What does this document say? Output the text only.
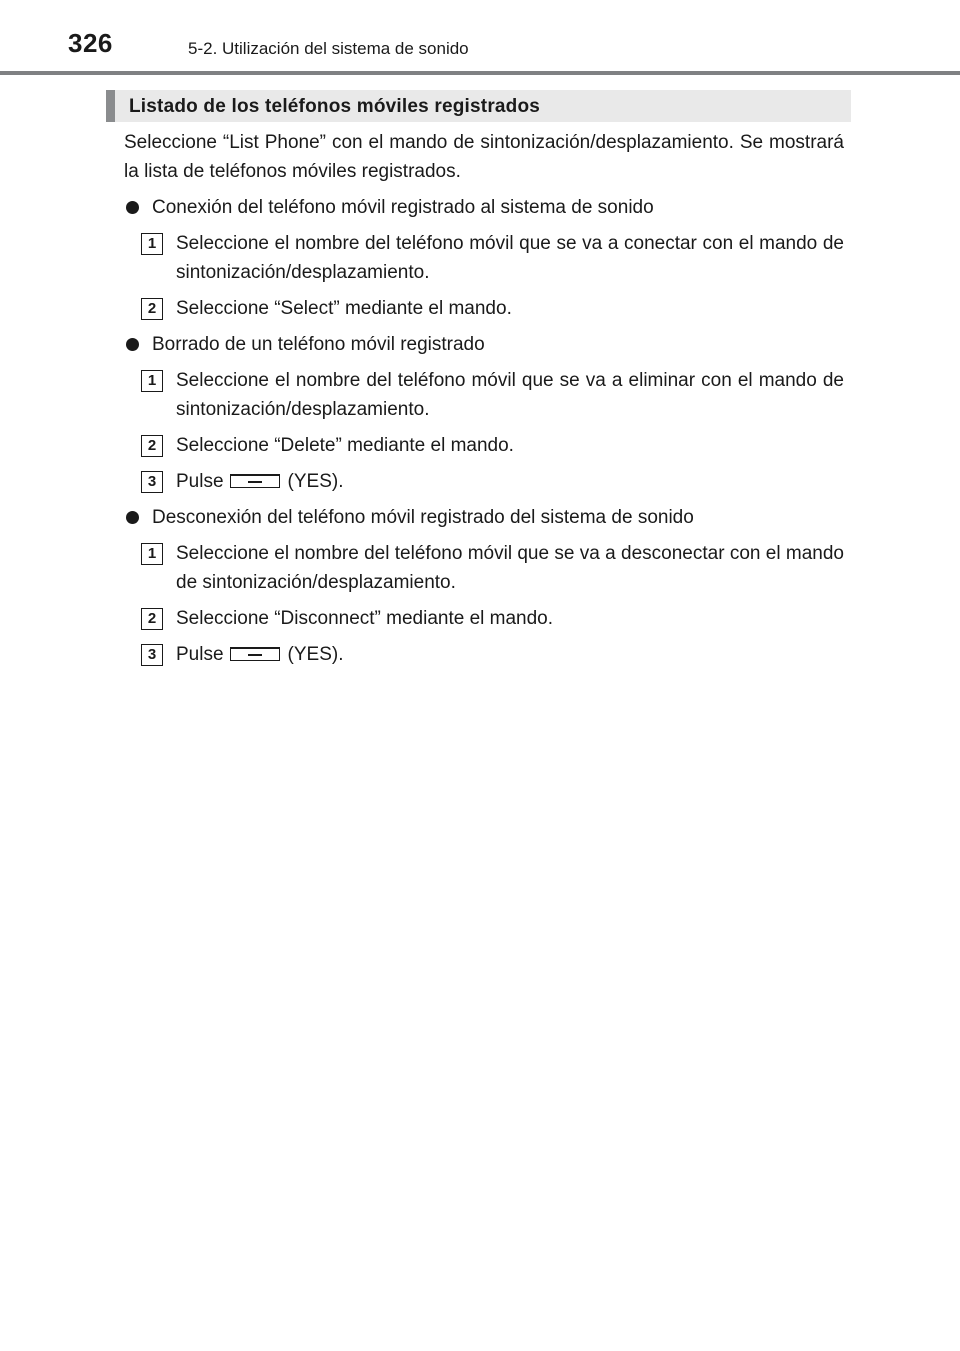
326	5-2. Utilización del sistema de sonido
Listado de los teléfonos móviles registrados

Seleccione “List Phone” con el mando de sintonización/desplazamiento. Se mostrará la lista de teléfonos móviles registrados.

Conexión del teléfono móvil registrado al sistema de sonido
1	Seleccione el nombre del teléfono móvil que se va a conectar con el mando de sintonización/desplazamiento.
2	Seleccione “Select” mediante el mando.
Borrado de un teléfono móvil registrado
1	Seleccione el nombre del teléfono móvil que se va a eliminar con el mando de sintonización/desplazamiento.
2	Seleccione “Delete” mediante el mando.
3	Pulse	(YES).
Desconexión del teléfono móvil registrado del sistema de sonido
1	Seleccione el nombre del teléfono móvil que se va a desconectar con el mando de sintonización/desplazamiento.
2	Seleccione “Disconnect” mediante el mando.
3	Pulse	(YES).
